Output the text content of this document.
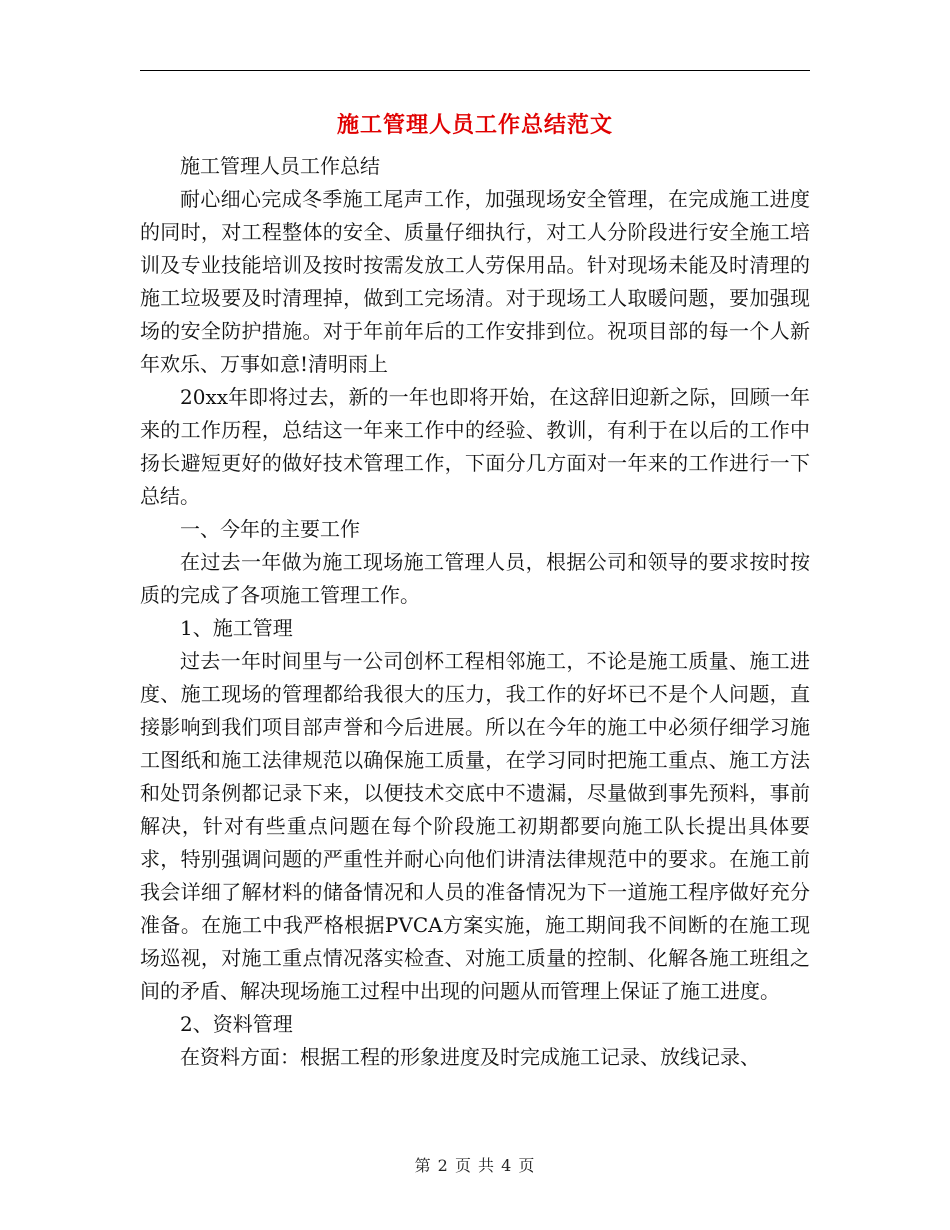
施工管理人员工作总结范文

施工管理人员工作总结

耐心细心完成冬季施工尾声工作，加强现场安全管理，在完成施工进度的同时，对工程整体的安全、质量仔细执行，对工人分阶段进行安全施工培训及专业技能培训及按时按需发放工人劳保用品。针对现场未能及时清理的施工垃圾要及时清理掉，做到工完场清。对于现场工人取暖问题，要加强现场的安全防护措施。对于年前年后的工作安排到位。祝项目部的每一个人新年欢乐、万事如意!清明雨上

20xx年即将过去，新的一年也即将开始，在这辞旧迎新之际，回顾一年来的工作历程，总结这一年来工作中的经验、教训，有利于在以后的工作中扬长避短更好的做好技术管理工作，下面分几方面对一年来的工作进行一下总结。

一、今年的主要工作

在过去一年做为施工现场施工管理人员，根据公司和领导的要求按时按质的完成了各项施工管理工作。

1、施工管理

过去一年时间里与一公司创杯工程相邻施工，不论是施工质量、施工进度、施工现场的管理都给我很大的压力，我工作的好坏已不是个人问题，直接影响到我们项目部声誉和今后进展。所以在今年的施工中必须仔细学习施工图纸和施工法律规范以确保施工质量，在学习同时把施工重点、施工方法和处罚条例都记录下来，以便技术交底中不遗漏，尽量做到事先预料，事前解决，针对有些重点问题在每个阶段施工初期都要向施工队长提出具体要求，特别强调问题的严重性并耐心向他们讲清法律规范中的要求。在施工前我会详细了解材料的储备情况和人员的准备情况为下一道施工程序做好充分准备。在施工中我严格根据PVCA方案实施，施工期间我不间断的在施工现场巡视，对施工重点情况落实检查、对施工质量的控制、化解各施工班组之间的矛盾、解决现场施工过程中出现的问题从而管理上保证了施工进度。

2、资料管理

在资料方面：根据工程的形象进度及时完成施工记录、放线记录、

第 2 页 共 4 页
